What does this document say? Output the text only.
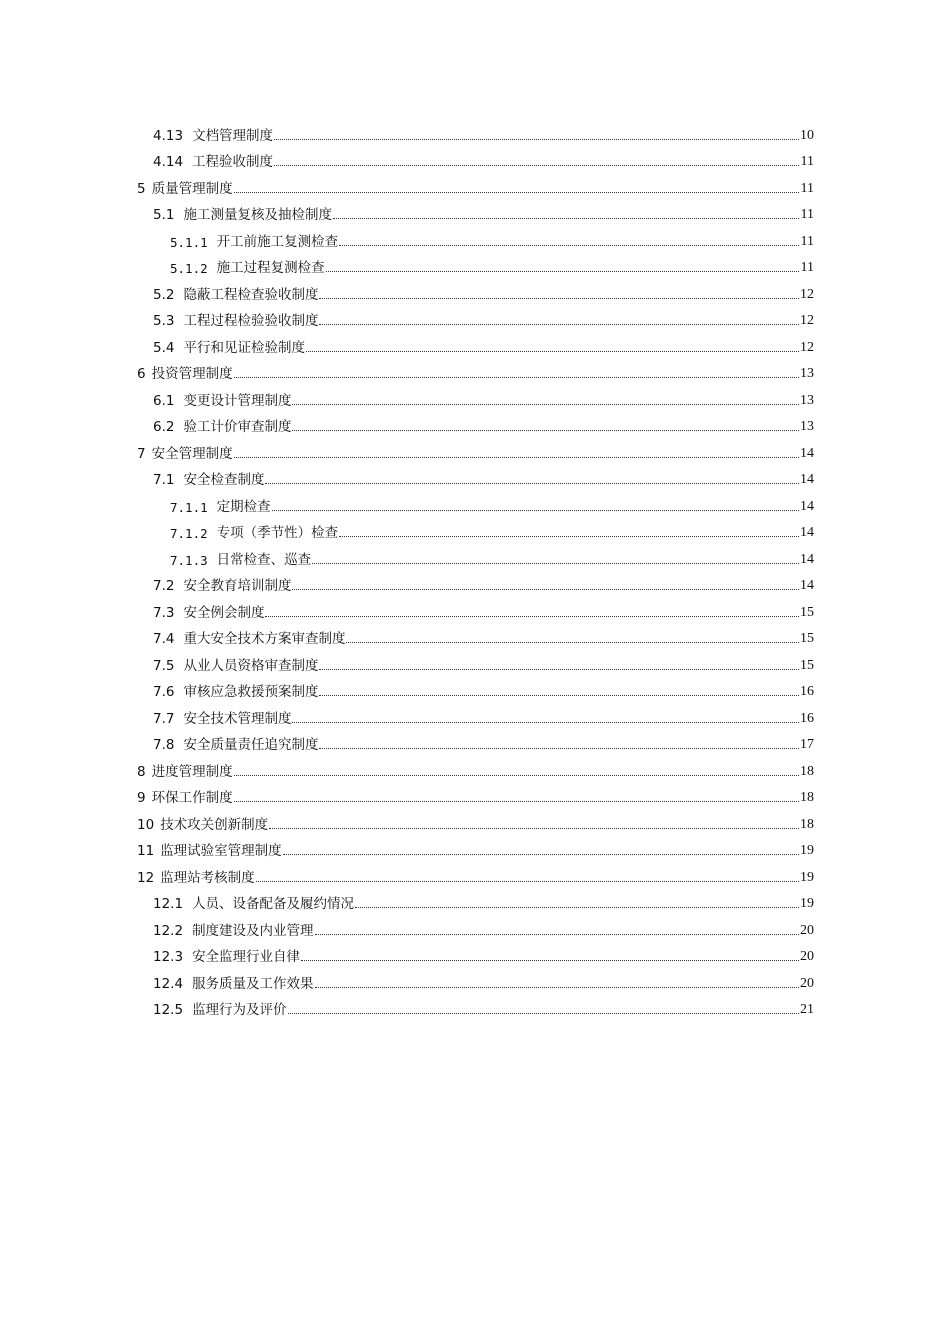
4.13 文档管理制度	10
4.14 工程验收制度	11
5 质量管理制度	11
5.1 施工测量复核及抽检制度	11
5.1.1 开工前施工复测检查	11
5.1.2 施工过程复测检查	11
5.2 隐蔽工程检查验收制度	12
5.3 工程过程检验验收制度	12
5.4 平行和见证检验制度	12
6 投资管理制度	13
6.1 变更设计管理制度	13
6.2 验工计价审查制度	13
7 安全管理制度	14
7.1 安全检查制度	14
7.1.1 定期检查	14
7.1.2 专项（季节性）检查	14
7.1.3 日常检查、巡查	14
7.2 安全教育培训制度	14
7.3 安全例会制度	15
7.4 重大安全技术方案审查制度	15
7.5 从业人员资格审查制度	15
7.6 审核应急救援预案制度	16
7.7 安全技术管理制度	16
7.8 安全质量责任追究制度	17
8 进度管理制度	18
9 环保工作制度	18
10 技术攻关创新制度	18
11 监理试验室管理制度	19
12 监理站考核制度	19
12.1 人员、设备配备及履约情况	19
12.2 制度建设及内业管理	20
12.3 安全监理行业自律	20
12.4 服务质量及工作效果	20
12.5 监理行为及评价	21
